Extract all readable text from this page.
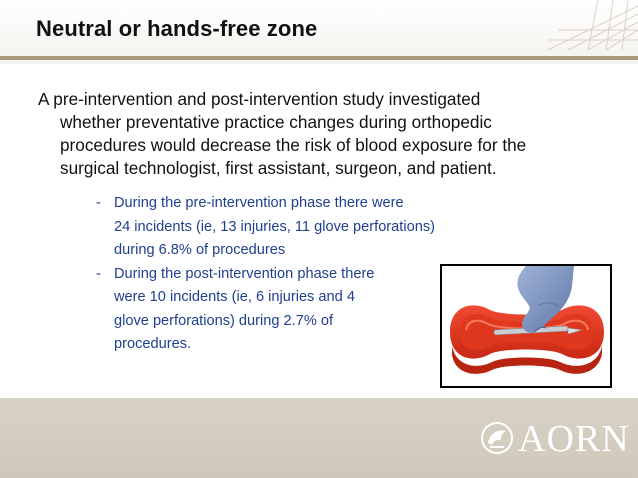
Neutral or hands-free zone
A pre-intervention and post-intervention study investigated
whether preventative practice changes during orthopedic
procedures would decrease the risk of blood exposure for the
surgical technologist, first assistant, surgeon, and patient.
- During the pre-intervention phase there were
24 incidents (ie, 13 injuries, 11 glove perforations)
during 6.8% of procedures
- During the post-intervention phase there
were 10 incidents (ie, 6 injuries and 4
glove perforations) during 2.7% of
procedures.
AORN
